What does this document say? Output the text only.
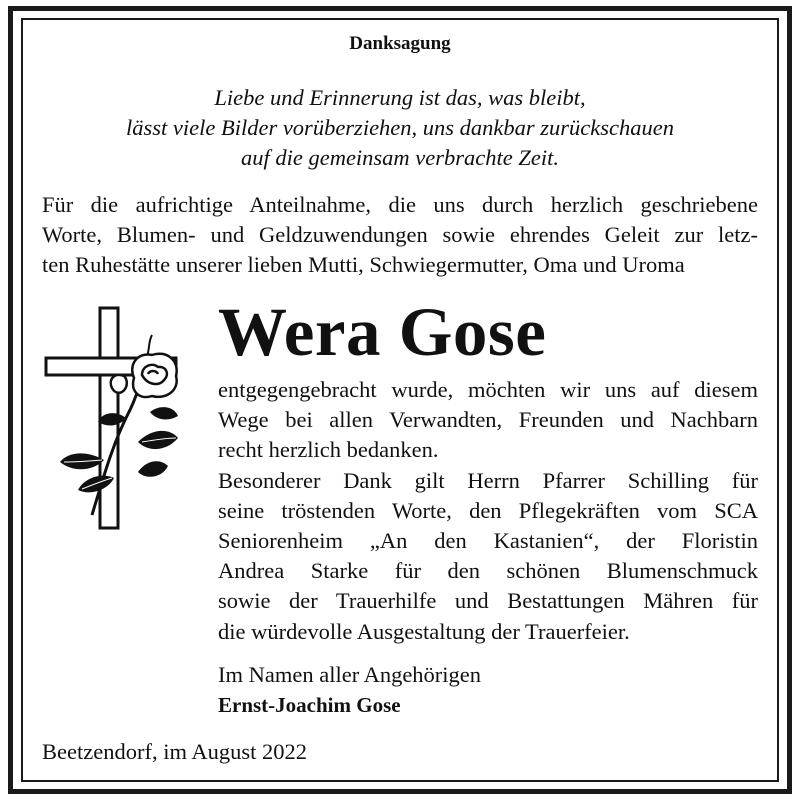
Danksagung
Liebe und Erinnerung ist das, was bleibt,
lässt viele Bilder vorüberziehen, uns dankbar zurückschauen
auf die gemeinsam verbrachte Zeit.
Für die aufrichtige Anteilnahme, die uns durch herzlich geschriebene
Worte, Blumen- und Geldzuwendungen sowie ehrendes Geleit zur letz-
ten Ruhestätte unserer lieben Mutti, Schwiegermutter, Oma und Uroma
Wera Gose
entgegengebracht wurde, möchten wir uns auf diesem
Wege bei allen Verwandten, Freunden und Nachbarn
recht herzlich bedanken.
Besonderer Dank gilt Herrn Pfarrer Schilling für
seine tröstenden Worte, den Pflegekräften vom SCA
Seniorenheim „An den Kastanien“, der Floristin
Andrea Starke für den schönen Blumenschmuck
sowie der Trauerhilfe und Bestattungen Mähren für
die würdevolle Ausgestaltung der Trauerfeier.
Im Namen aller Angehörigen
Ernst-Joachim Gose
Beetzendorf, im August 2022
